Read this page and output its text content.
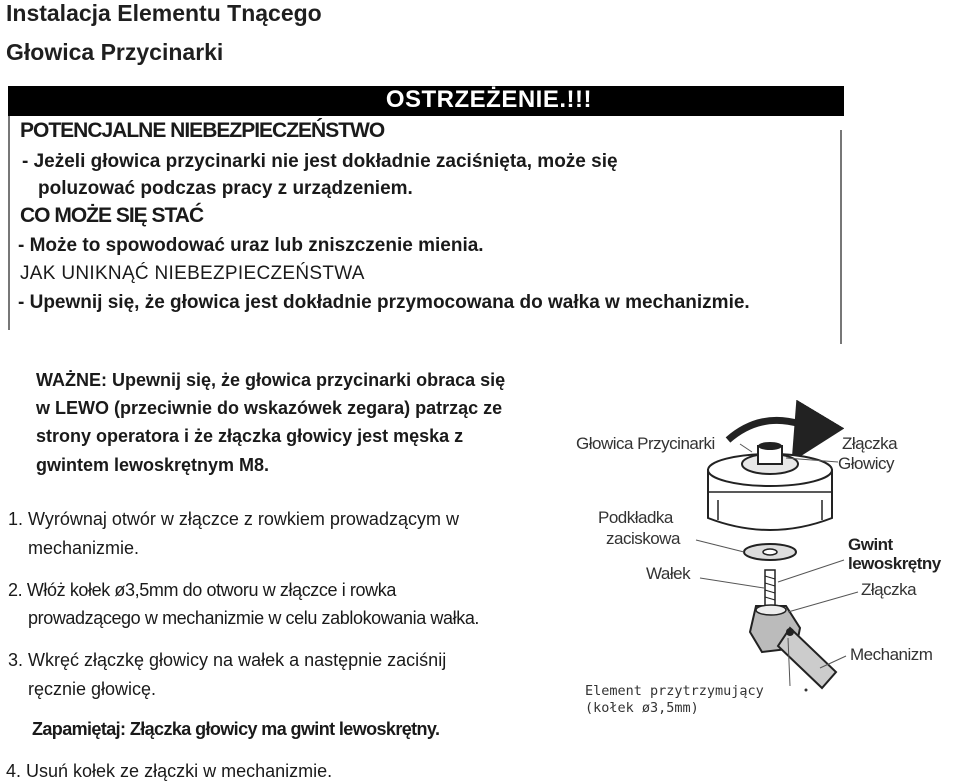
Instalacja Elementu Tnącego
Głowica Przycinarki
OSTRZEŻENIE.!!!
POTENCJALNE NIEBEZPIECZEŃSTWO
- Jeżeli głowica przycinarki nie jest dokładnie zaciśnięta, może się
poluzować podczas pracy z urządzeniem.
CO MOŻE SIĘ STAĆ
- Może to spowodować uraz lub zniszczenie mienia.
JAK UNIKNĄĆ NIEBEZPIECZEŃSTWA
- Upewnij się, że głowica jest dokładnie przymocowana do wałka w mechanizmie.
WAŻNE: Upewnij się, że głowica przycinarki obraca się
w LEWO (przeciwnie do wskazówek zegara) patrząc ze
strony operatora i że złączka głowicy jest męska z
gwintem lewoskrętnym M8.
1. Wyrównaj otwór w złączce z rowkiem prowadzącym w
mechanizmie.
2. Włóż kołek ø3,5mm do otworu w złączce i rowka
prowadzącego w mechanizmie w celu zablokowania wałka.
3. Wkręć złączkę głowicy na wałek a następnie zaciśnij
ręcznie głowicę.
Zapamiętaj: Złączka głowicy ma gwint lewoskrętny.
4. Usuń kołek ze złączki w mechanizmie.
Głowica Przycinarki	Złączka
Głowicy
Podkładka
zaciskowa	Gwint
lewoskrętny
Wałek
Złączka
Mechanizm
Element przytrzymujący
(kołek ø3,5mm)
